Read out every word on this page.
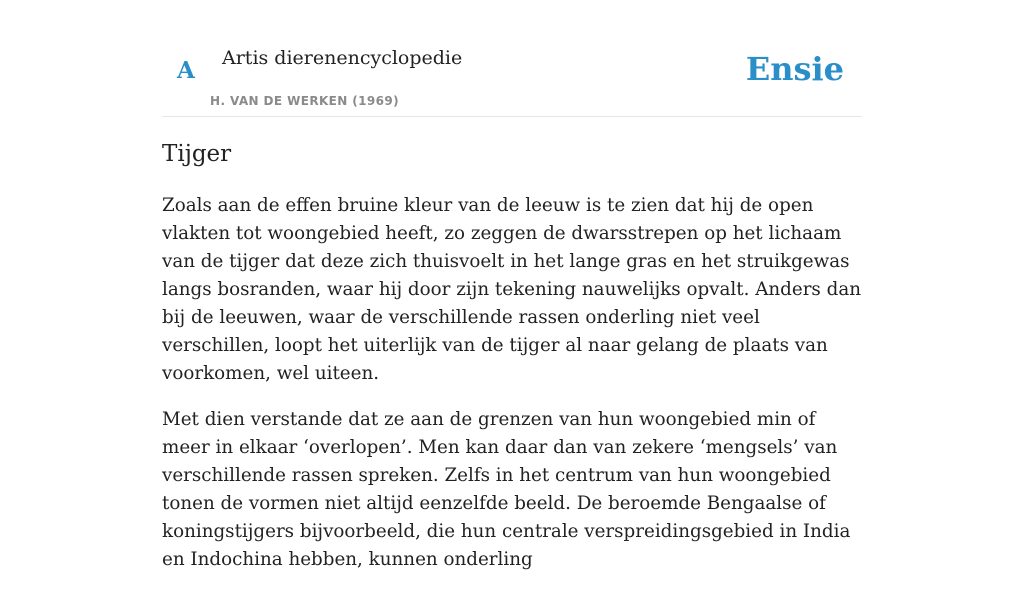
A Artis dierenencyclopedie
H. VAN DE WERKEN (1969)
Ensie
Tijger

Zoals aan de effen bruine kleur van de leeuw is te zien dat hij de open vlakten tot woongebied heeft, zo zeggen de dwarsstrepen op het lichaam van de tijger dat deze zich thuisvoelt in het lange gras en het struikgewas langs bosranden, waar hij door zijn tekening nauwelijks opvalt. Anders dan bij de leeuwen, waar de verschillende rassen onderling niet veel verschillen, loopt het uiterlijk van de tijger al naar gelang de plaats van voorkomen, wel uiteen.

Met dien verstande dat ze aan de grenzen van hun woongebied min of meer in elkaar ‘overlopen’. Men kan daar dan van zekere ‘mengsels’ van verschillende rassen spreken. Zelfs in het centrum van hun woongebied tonen de vormen niet altijd eenzelfde beeld. De beroemde Bengaalse of koningstijgers bijvoorbeeld, die hun centrale verspreidingsgebied in India en Indochina hebben, kunnen onderling
